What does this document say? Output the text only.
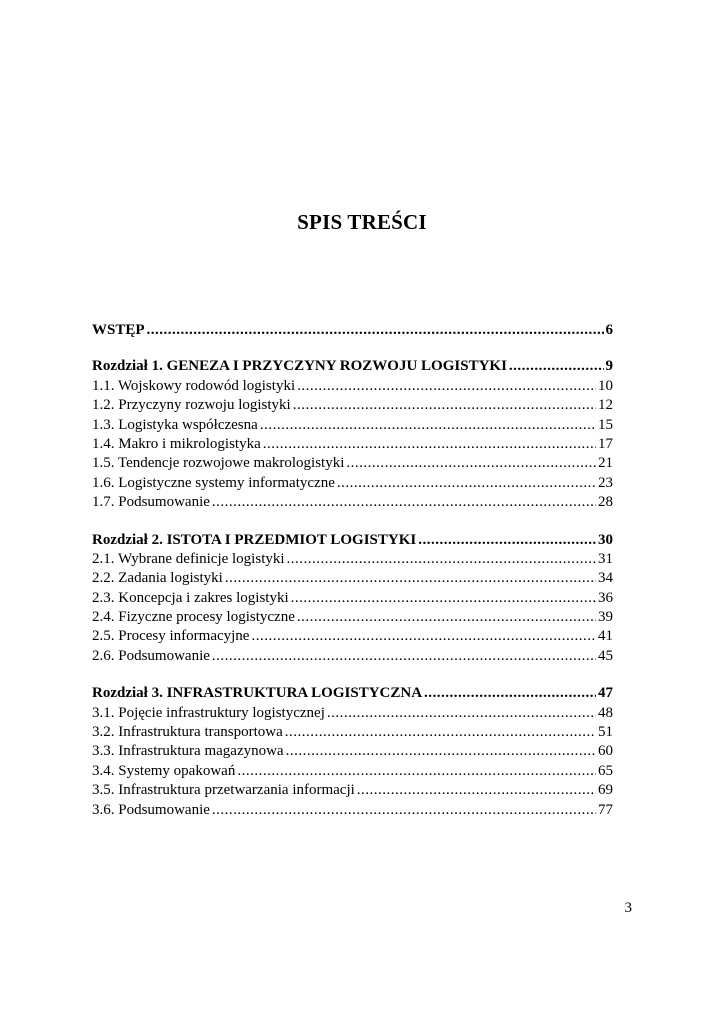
SPIS TREŚCI
WSTĘP .....	6
Rozdział 1. GENEZA I PRZYCZYNY ROZWOJU LOGISTYKI .....	9
1.1. Wojskowy rodowód logistyki .....	10
1.2. Przyczyny rozwoju logistyki .....	12
1.3. Logistyka współczesna .....	15
1.4. Makro i mikrologistyka .....	17
1.5. Tendencje rozwojowe makrologistyki .....	21
1.6. Logistyczne systemy informatyczne .....	23
1.7. Podsumowanie .....	28
Rozdział 2. ISTOTA I PRZEDMIOT LOGISTYKI .....	30
2.1. Wybrane definicje logistyki .....	31
2.2. Zadania logistyki .....	34
2.3. Koncepcja i zakres logistyki .....	36
2.4. Fizyczne procesy logistyczne .....	39
2.5. Procesy informacyjne .....	41
2.6. Podsumowanie .....	45
Rozdział 3. INFRASTRUKTURA LOGISTYCZNA .....	47
3.1. Pojęcie infrastruktury logistycznej .....	48
3.2. Infrastruktura transportowa .....	51
3.3. Infrastruktura magazynowa .....	60
3.4. Systemy opakowań .....	65
3.5. Infrastruktura przetwarzania informacji .....	69
3.6. Podsumowanie .....	77
3
